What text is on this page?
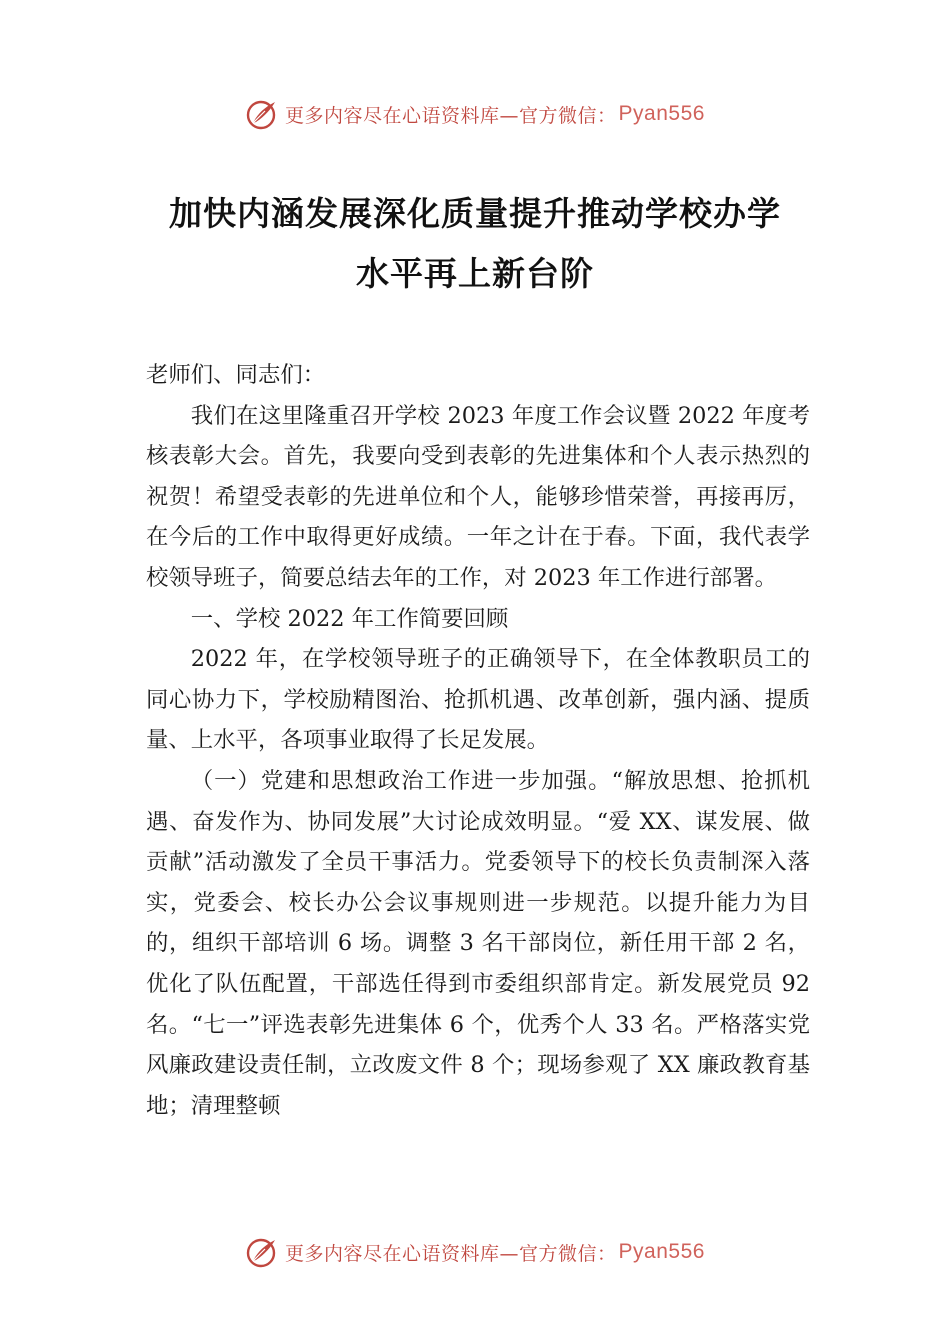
更多内容尽在心语资料库—官方微信： Pyan556
加快内涵发展深化质量提升推动学校办学
水平再上新台阶

老师们、同志们：

我们在这里隆重召开学校 2023 年度工作会议暨 2022 年度考核表彰大会。首先，我要向受到表彰的先进集体和个人表示热烈的祝贺！希望受表彰的先进单位和个人，能够珍惜荣誉，再接再厉，在今后的工作中取得更好成绩。一年之计在于春。下面，我代表学校领导班子，简要总结去年的工作，对 2023 年工作进行部署。

一、学校 2022 年工作简要回顾

2022 年，在学校领导班子的正确领导下，在全体教职员工的同心协力下，学校励精图治、抢抓机遇、改革创新，强内涵、提质量、上水平，各项事业取得了长足发展。

（一）党建和思想政治工作进一步加强。“解放思想、抢抓机遇、奋发作为、协同发展”大讨论成效明显。“爱 XX、谋发展、做贡献”活动激发了全员干事活力。党委领导下的校长负责制深入落实，党委会、校长办公会议事规则进一步规范。以提升能力为目的，组织干部培训 6 场。调整 3 名干部岗位，新任用干部 2 名，优化了队伍配置，干部选任得到市委组织部肯定。新发展党员 92 名。“七一”评选表彰先进集体 6 个，优秀个人 33 名。严格落实党风廉政建设责任制，立改废文件 8 个；现场参观了 XX 廉政教育基地；清理整顿

更多内容尽在心语资料库—官方微信： Pyan556
